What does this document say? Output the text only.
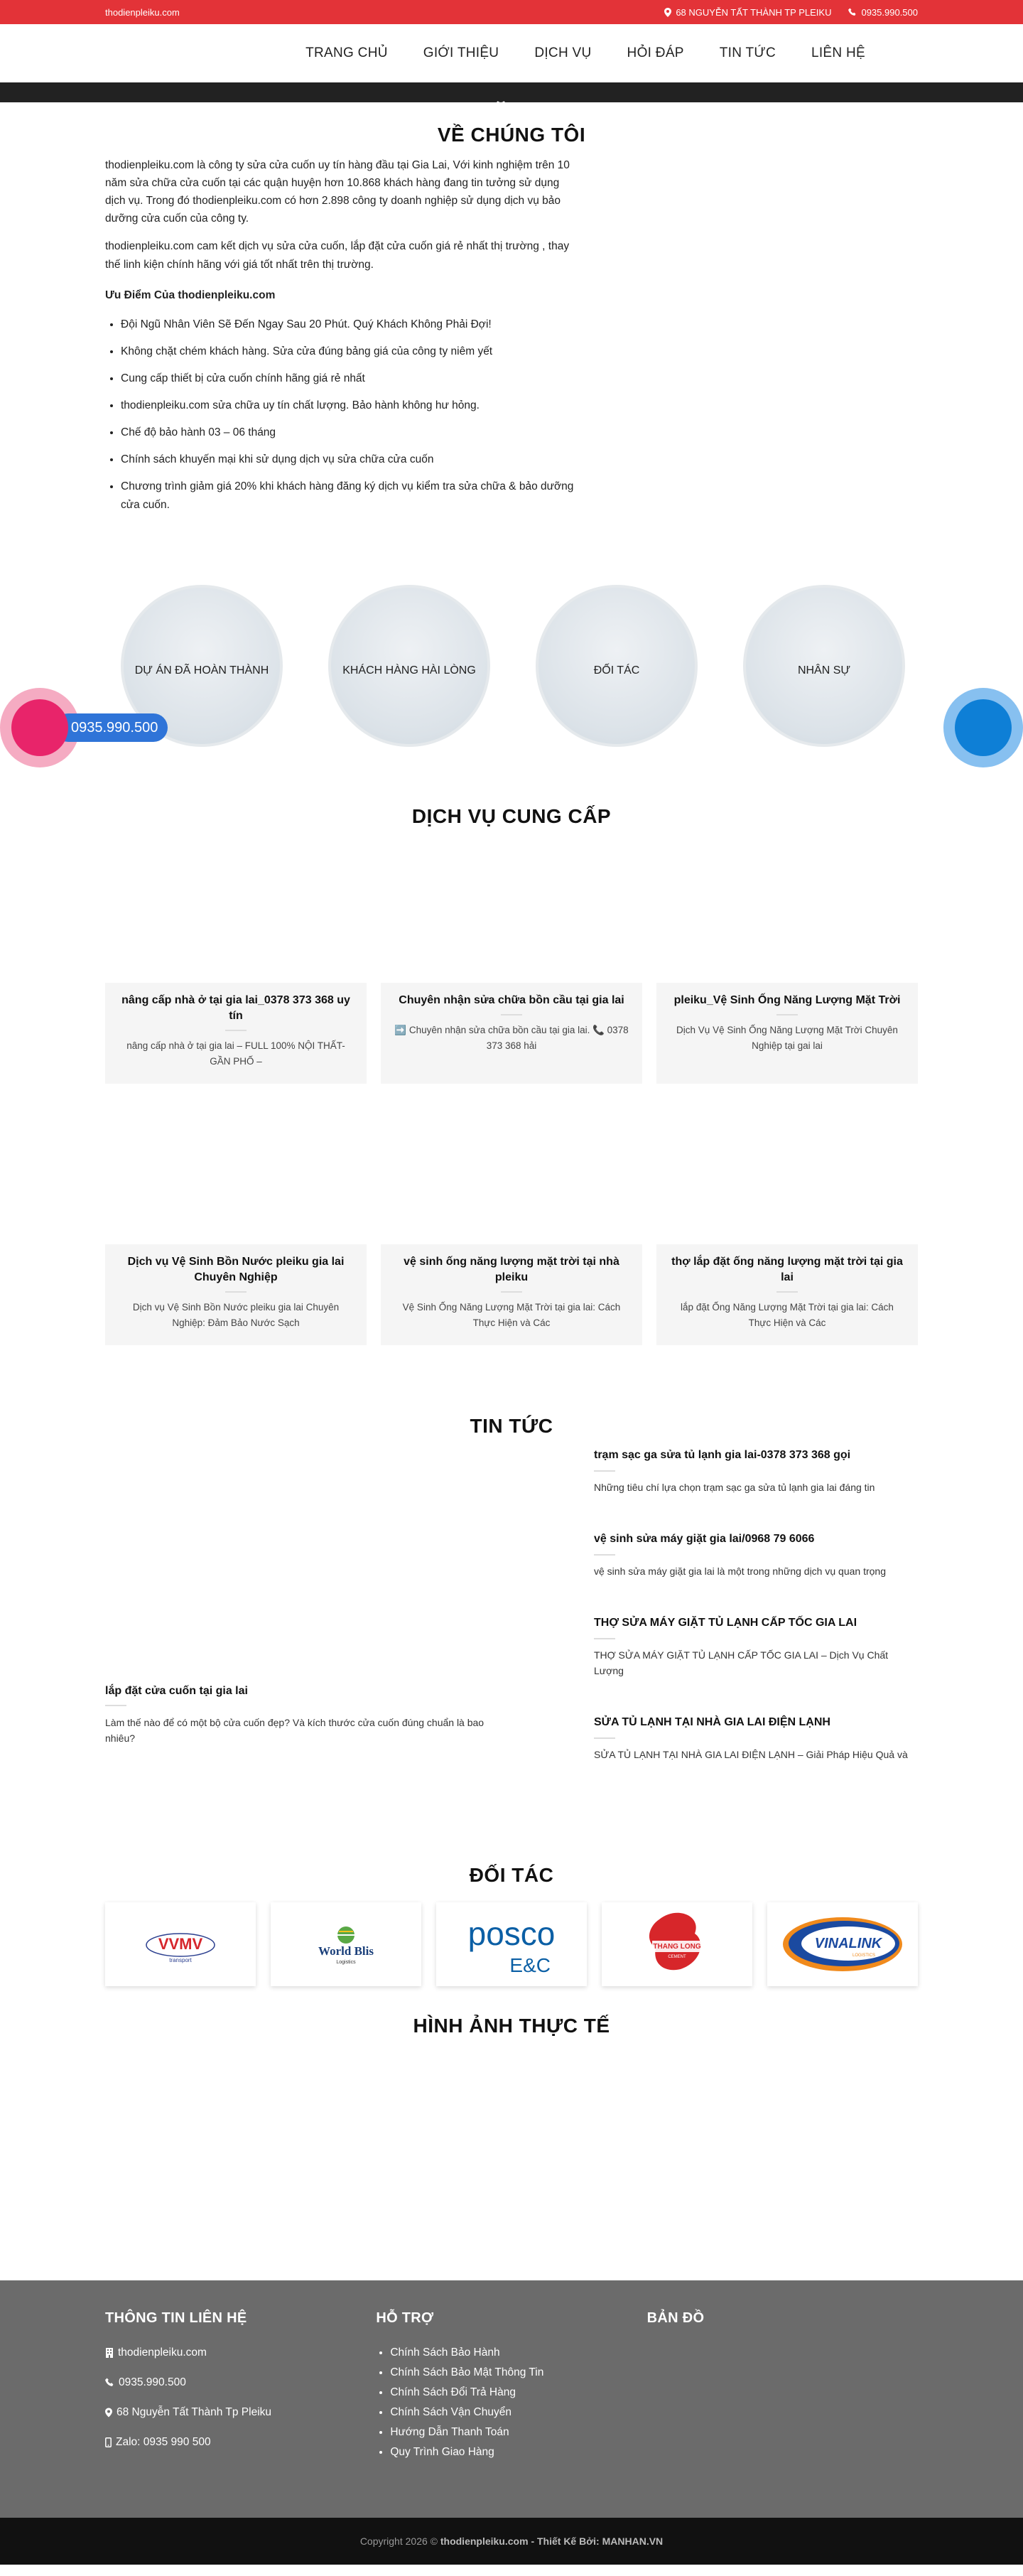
thodienpleiku.com	68 NGUYỄN TẤT THÀNH TP PLEIKU	0935.990.500
TRANG CHỦ	GIỚI THIỆU	DỊCH VỤ	HỎI ĐÁP	TIN TỨC	LIÊN HỆ
VỀ CHÚNG TÔI

thodienpleiku.com là công ty sửa cửa cuốn uy tín hàng đầu tại Gia Lai, Với kinh nghiệm trên 10 năm sửa chữa cửa cuốn tại các quận huyện hơn 10.868 khách hàng đang tin tưởng sử dụng dịch vụ. Trong đó thodienpleiku.com có hơn 2.898 công ty doanh nghiệp sử dụng dịch vụ bảo dưỡng cửa cuốn của công ty.

thodienpleiku.com cam kết dịch vụ sửa cửa cuốn, lắp đặt cửa cuốn giá rẻ nhất thị trường , thay thế linh kiện chính hãng với giá tốt nhất trên thị trường.

Ưu Điểm Của thodienpleiku.com
• Đội Ngũ Nhân Viên Sẽ Đến Ngay Sau 20 Phút. Quý Khách Không Phải Đợi!
• Không chặt chém khách hàng. Sửa cửa đúng bảng giá của công ty niêm yết
• Cung cấp thiết bị cửa cuốn chính hãng giá rẻ nhất
• thodienpleiku.com sửa chữa uy tín chất lượng. Bảo hành không hư hỏng.
• Chế độ bảo hành 03 – 06 tháng
• Chính sách khuyến mại khi sử dụng dịch vụ sửa chữa cửa cuốn
• Chương trình giảm giá 20% khi khách hàng đăng ký dịch vụ kiểm tra sửa chữa & bảo dưỡng cửa cuốn.
DỰ ÁN ĐÃ HOÀN THÀNH	KHÁCH HÀNG HÀI LÒNG	ĐỐI TÁC	NHÂN SỰ
0935.990.500
DỊCH VỤ CUNG CẤP
nâng cấp nhà ở tại gia lai_0378 373 368 uy tín

nâng cấp nhà ở tại gia lai – FULL 100% NỘI THẤT- GẦN PHỐ –

Chuyên nhận sửa chữa bồn cầu tại gia lai

➡️ Chuyên nhận sửa chữa bồn cầu tại gia lai. 📞 0378 373 368 hải

pleiku_Vệ Sinh Ống Năng Lượng Mặt Trời

Dịch Vụ Vệ Sinh Ống Năng Lượng Mặt Trời Chuyên Nghiệp tại gai lai

Dịch vụ Vệ Sinh Bồn Nước pleiku gia lai Chuyên Nghiệp

Dịch vụ Vệ Sinh Bồn Nước pleiku gia lai Chuyên Nghiệp: Đảm Bảo Nước Sạch

vệ sinh ống năng lượng mặt trời tại nhà pleiku

Vệ Sinh Ống Năng Lượng Mặt Trời tại gia lai: Cách Thực Hiện và Các

thợ lắp đặt ống năng lượng mặt trời tại gia lai

lắp đặt Ống Năng Lượng Mặt Trời tại gia lai: Cách Thực Hiện và Các

TIN TỨC
lắp đặt cửa cuốn tại gia lai

Làm thế nào để có một bộ cửa cuốn đẹp? Và kích thước cửa cuốn đúng chuẩn là bao nhiêu?

trạm sạc ga sửa tủ lạnh gia lai-0378 373 368 gọi

Những tiêu chí lựa chọn trạm sạc ga sửa tủ lạnh gia lai đáng tin

vệ sinh sửa máy giặt gia lai/0968 79 6066

vệ sinh sửa máy giặt gia lai là một trong những dịch vụ quan trọng

THỢ SỬA MÁY GIẶT TỦ LẠNH CẤP TỐC GIA LAI

THỢ SỬA MÁY GIẶT TỦ LẠNH CẤP TỐC GIA LAI – Dịch Vụ Chất Lượng

SỬA TỦ LẠNH TẠI NHÀ GIA LAI ĐIỆN LẠNH

SỬA TỦ LẠNH TẠI NHÀ GIA LAI ĐIỆN LẠNH – Giải Pháp Hiệu Quả và

ĐỐI TÁC
VVMV
transport
World Blis
Logistics
posco
E&C
THANG LONG
CEMENT
VINALINK
LOGISTICS
HÌNH ẢNH THỰC TẾ
THÔNG TIN LIÊN HỆ
thodienpleiku.com
0935.990.500
68 Nguyễn Tất Thành Tp Pleiku
Zalo: 0935 990 500
HỖ TRỢ
• Chính Sách Bảo Hành
• Chính Sách Bảo Mật Thông Tin
• Chính Sách Đổi Trả Hàng
• Chính Sách Vận Chuyển
• Hướng Dẫn Thanh Toán
• Quy Trình Giao Hàng
BẢN ĐỒ
Copyright 2026 ©
thodienpleiku.com
- Thiết Kế Bởi: MANHAN.VN
